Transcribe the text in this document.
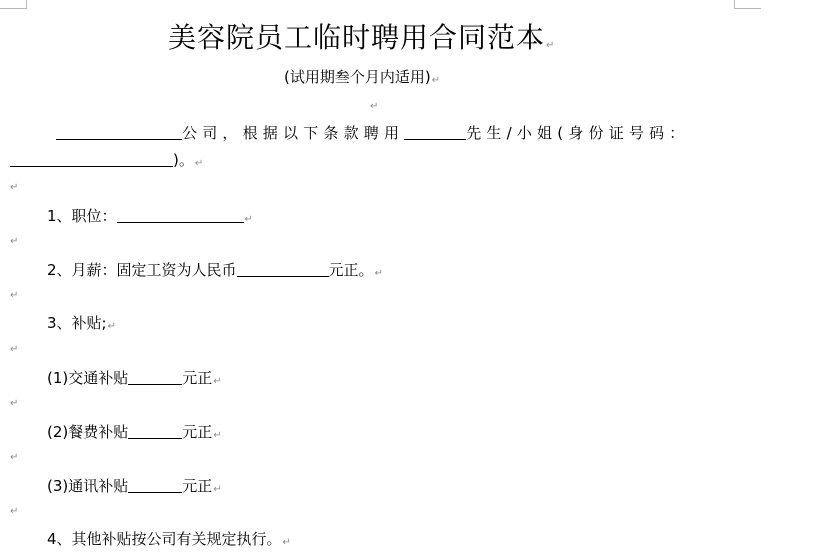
美容院员工临时聘用合同范本↵
(试用期叁个月内适用)↵
↵
公司，根据以下条款聘用	先生/小姐(身份证号码：
)。↵
↵
1、职位：	↵
↵
2、月薪：固定工资为人民币	元正。↵
↵
3、补贴;↵
↵
(1)交通补贴	元正↵
↵
(2)餐费补贴	元正↵
↵
(3)通讯补贴	元正↵
↵
4、其他补贴按公司有关规定执行。↵
